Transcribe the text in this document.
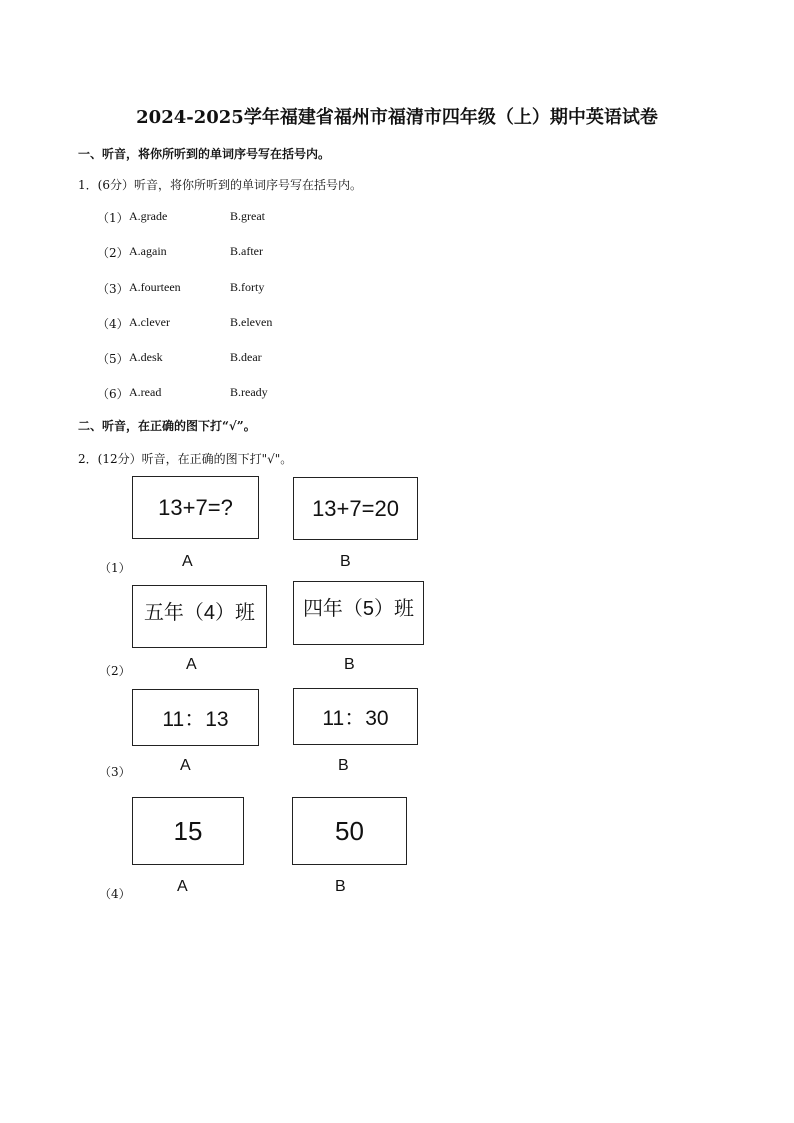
2024-2025学年福建省福州市福清市四年级（上）期中英语试卷
一、听音，将你所听到的单词序号写在括号内。
1．(6分）听音，将你所听到的单词序号写在括号内。
（1） A.grade	B.great
（2） A.again	B.after
（3） A.fourteen	B.forty
（4） A.clever	B.eleven
（5） A.desk	B.dear
（6） A.read	B.ready
二、听音，在正确的图下打“√”。
2．(12分）听音，在正确的图下打"√"。
13+7=?	13+7=20
A	B
（1）
五年（4）班 四年（5）班
A	B
（2）
11：13	11：30
A	B
（3）
15	50
A	B
（4）
